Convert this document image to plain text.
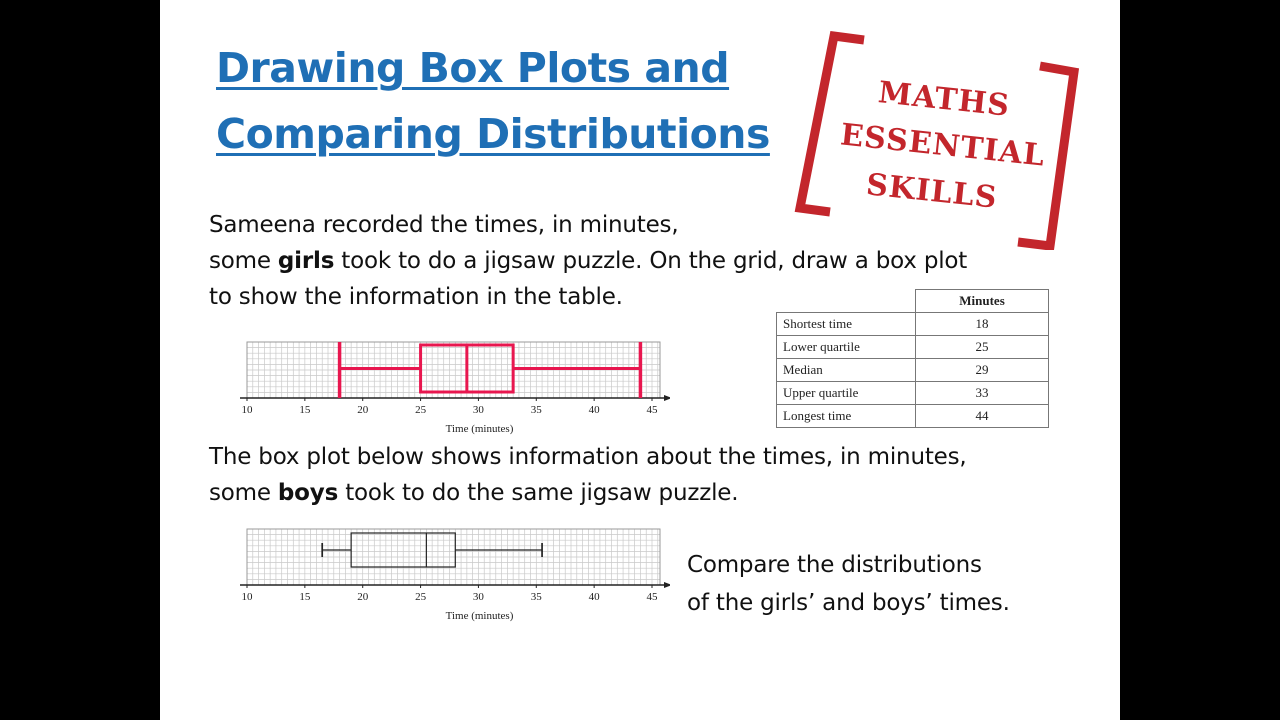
Drawing Box Plots and
Comparing Distributions
MATHS
ESSENTIAL
SKILLS
Sameena recorded the times, in minutes,
some girls took to do a jigsaw puzzle. On the grid, draw a box plot
to show the information in the table.
		Minutes
Shortest time	18
Lower quartile	25
Median	29
Upper quartile	33
Longest time	44
10	15	20	25	30	35	40	45
Time (minutes)
The box plot below shows information about the times, in minutes,
some boys took to do the same jigsaw puzzle.
10	15	20	25	30	35	40	45
Time (minutes)
Compare the distributions
of the girls’ and boys’ times.
